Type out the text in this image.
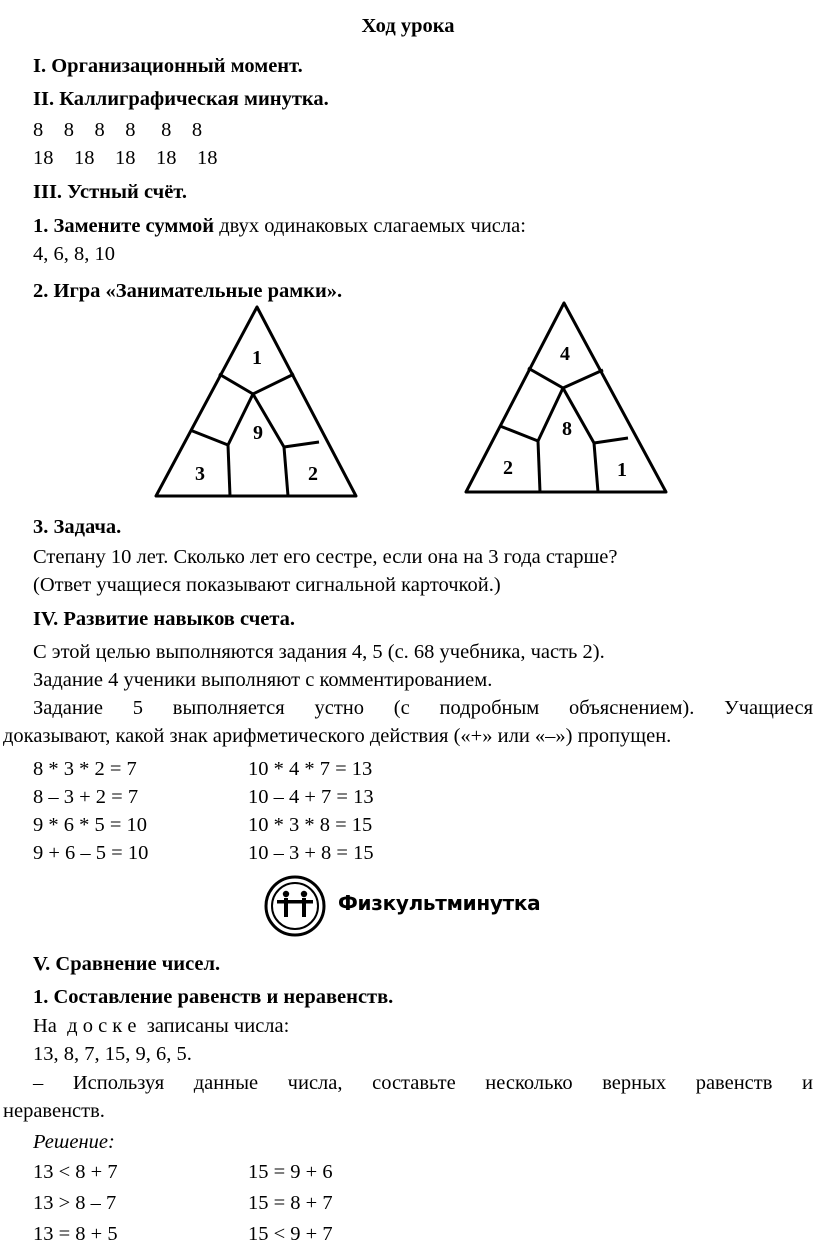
Ход урока
I. Организационный момент.
II. Каллиграфическая минутка.
8    8    8    8     8    8
18    18    18    18    18
III. Устный счёт.
1. Замените суммой двух одинаковых слагаемых числа:
4, 6, 8, 10
2. Игра «Занимательные рамки».
1
9
3	2
4
8
2	1
3. Задача.
Степану 10 лет. Сколько лет его сестре, если она на 3 года старше?
(Ответ учащиеся показывают сигнальной карточкой.)
IV. Развитие навыков счета.
С этой целью выполняются задания 4, 5 (с. 68 учебника, часть 2).
Задание 4 ученики выполняют с комментированием.
Задание 5 выполняется устно (с подробным объяснением). Учащиеся
доказывают, какой знак арифметического действия («+» или «–») пропущен.
8 * 3 * 2 = 7
8 – 3 + 2 = 7
9 * 6 * 5 = 10
9 + 6 – 5 = 10
10 * 4 * 7 = 13
10 – 4 + 7 = 13
10 * 3 * 8 = 15
10 – 3 + 8 = 15
Физкультминутка
V. Сравнение чисел.
1. Составление равенств и неравенств.
На  д о с к е  записаны числа:
13, 8, 7, 15, 9, 6, 5.
– Используя данные числа, составьте несколько верных равенств и
неравенств.
Решение:
13 < 8 + 7
13 > 8 – 7
13 = 8 + 5
15 = 9 + 6
15 = 8 + 7
15 < 9 + 7
